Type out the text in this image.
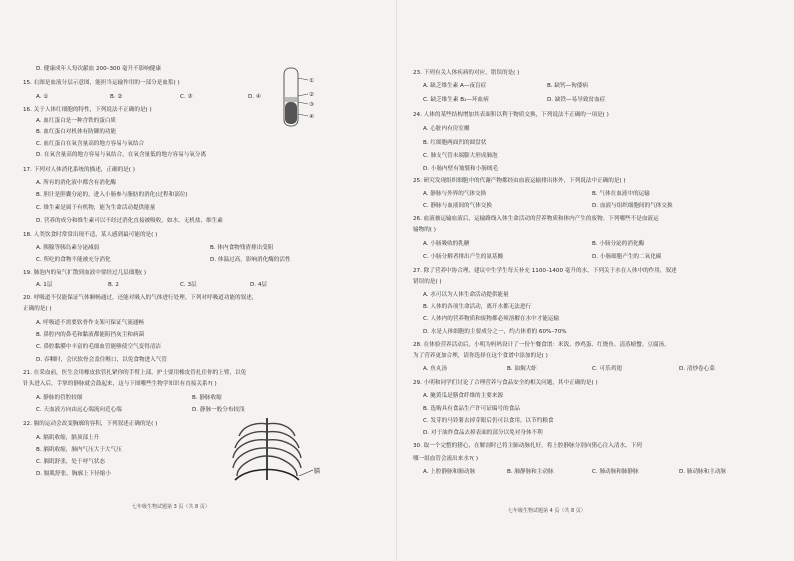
D. 健康成年人每次献血 200–300 毫升不影响健康
15. 右图是血液分层示意图，能担当运输作用的一部分是血浆( )
A. ①	B. ②	C. ③	D. ④
16. 关于人体红细胞的特性，下列说法不正确的是( )
A. 血红蛋白是一种含铁的蛋白质
B. 血红蛋白对机体有防御的功能
C. 血红蛋白在氧含量高的地方容易与氧结合
D. 在氧含量高的地方容易与氧结合，在氧含量低的地方容易与氧分离
17. 下列对人体消化系统的描述，正确的是( )
A. 所有的消化液中都含有消化酶
B. 胆汁是胆囊分泌的，进入小肠参与脂肪的消化(过程和部位)
C. 维生素是属于有机物，能为生命活动提供能量
D. 营养的成分和维生素可以不经过消化直接被吸收，如水、无机盐、维生素
18. 人类饮食时常常出现不适，某人感到最可能的是( )
A. 胰腺等胰岛素分泌减弱	B. 体内食物残渣排出受阻
C. 所吃的食物不能被充分消化	D. 体温过高，影响消化酶的活性
19. 肺泡内的氧气扩散到血液中要经过几层细胞( )
A. 1层	B. 2	C. 3层	D. 4层
20. 呼吸道不仅能保证气体顺畅通过，还能对吸入的气体进行处理。下列对呼吸道功能的叙述，
正确的是( )
A. 呼吸道不需要软骨作支架可保证气流通畅
B. 鼻腔内的鼻毛和黏液都能阻挡灰尘和病菌
C. 鼻腔黏膜中丰富的毛细血管能够使空气变得清洁
D. 吞咽时，会厌软骨会盖住喉口，以免食物进入气管
21. 在采血前，医生会用橡皮软管扎紧你的手臂上部，护士要用橡皮管扎住你的上臂，以免
针头进入后，手掌的静脉就会鼓起来，这与下图哪些生物学知识有直接关系?( )
A. 静脉的管腔较细	B. 静脉收缩
C. 天血液方向由远心端流向近心端	D. 静脉一般分布较浅
22. 膈的运动会改变胸廓的容积，下列叙述正确的是( )
A. 膈肌收缩，膈顶部上升
B. 膈肌收缩，肺内气压大于大气压
C. 膈肌舒张，处于呼气状态
D. 膈肌舒张，胸廓上下径缩小
23. 下列有关人体疾病的对应，错误的是( )
A. 缺乏维生素 A—夜盲症	B. 缺钙—佝偻病
C. 缺乏维生素 B₁—坏血病	D. 缺铁—易导致贫血症
24. 人体的某些结构增加其表面积以利于物质交换，下列说法不正确的一项是( )
A. 心脏内有房室瓣
B. 红细胞两面凹的圆盘状
C. 肺支气管末端膨大形成肺泡
D. 小肠内壁有皱襞和小肠绒毛
25. 研究发现组织细胞中的代谢产物都经由血液运输排出体外，下列说法中正确的是( )
A. 静脉与外界的气体交换	B. 气体在血液中的运输
C. 静脉与血液间的气体交换	D. 血液与组织细胞间的气体交换
26. 血液被运输血液后，运输路线入体生命活动的营养物质和体内产生的废物。下列哪些不是血液运
输物的( )
A. 小肠吸收的乳糖	B. 小肠分泌的消化酶
C. 小肠分解者排出产生的氨基酸	D. 小肠细胞产生的二氧化碳
27. 除了营养中协合理，建议中生学生每天补充 1100–1400 毫升的水。下列关于水在人体中的作用，叙述
错误的是( )
A. 水可以为人体生命活动提供能量
B. 人体的各项生命活动，离开水都无法进行
C. 人体内的营养物质和废物都必须溶解在水中才能运输
D. 水是人体细胞的主要成分之一，约占体重的 60%–70%
28. 在体验营养活动后，小明为妈妈设计了一份午餐食谱：米饭、炒鸡蛋、红烧鱼、清蒸螃蟹、豆腐汤。
为了营养更加合理，请你选择在这个食谱中添加的是( )
A. 鱼丸汤	B. 油焖大虾	C. 可乐鸡翅	D. 清炒卷心菜
29. 小明和同学们讨论了合理营养与食品安全的相关问题，其中正确的是( )
A. 腌黄瓜是膳食纤维的主要来源
B. 选购具有食品生产许可证编号的食品
C. 发芽的马铃薯去掉芽眼后仍可以食用，以节约粮食
D. 对于油炸食品去掉表面的部分以免对身体不利
30. 取一个完整的猪心，在解剖时已将主肺动脉扎好，将上腔静脉分别向猪心注入清水。下列
哪一组血管会流出来水?( )
A. 上腔静脉和肺动脉	B. 肺静脉和主动脉	C. 肺动脉和肺静脉	D. 肺动脉和主动脉
①
②
③
④
膈
七年级生物试题第 3 页（共 8 页）
七年级生物试题第 4 页（共 8 页）
